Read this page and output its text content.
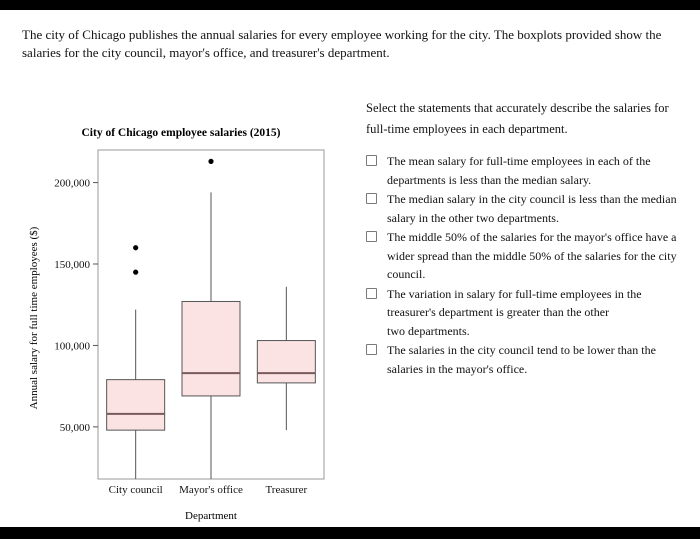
The city of Chicago publishes the annual salaries for every employee working for the city. The boxplots provided show the salaries for the city council, mayor's office, and treasurer's department.

City of Chicago employee salaries (2015)
Department
Annual salary for full time employees ($)
50,000
100,000
150,000
200,000
City council Mayor's office Treasurer

Select the statements that accurately describe the salaries for full-time employees in each department.

The mean salary for full-time employees in each of the departments is less than the median salary.
The median salary in the city council is less than the median salary in the other two departments.
The middle 50% of the salaries for the mayor's office have a wider spread than the middle 50% of the salaries for the city council.
The variation in salary for full-time employees in the treasurer's department is greater than the other
two departments.
The salaries in the city council tend to be lower than the salaries in the mayor's office.
